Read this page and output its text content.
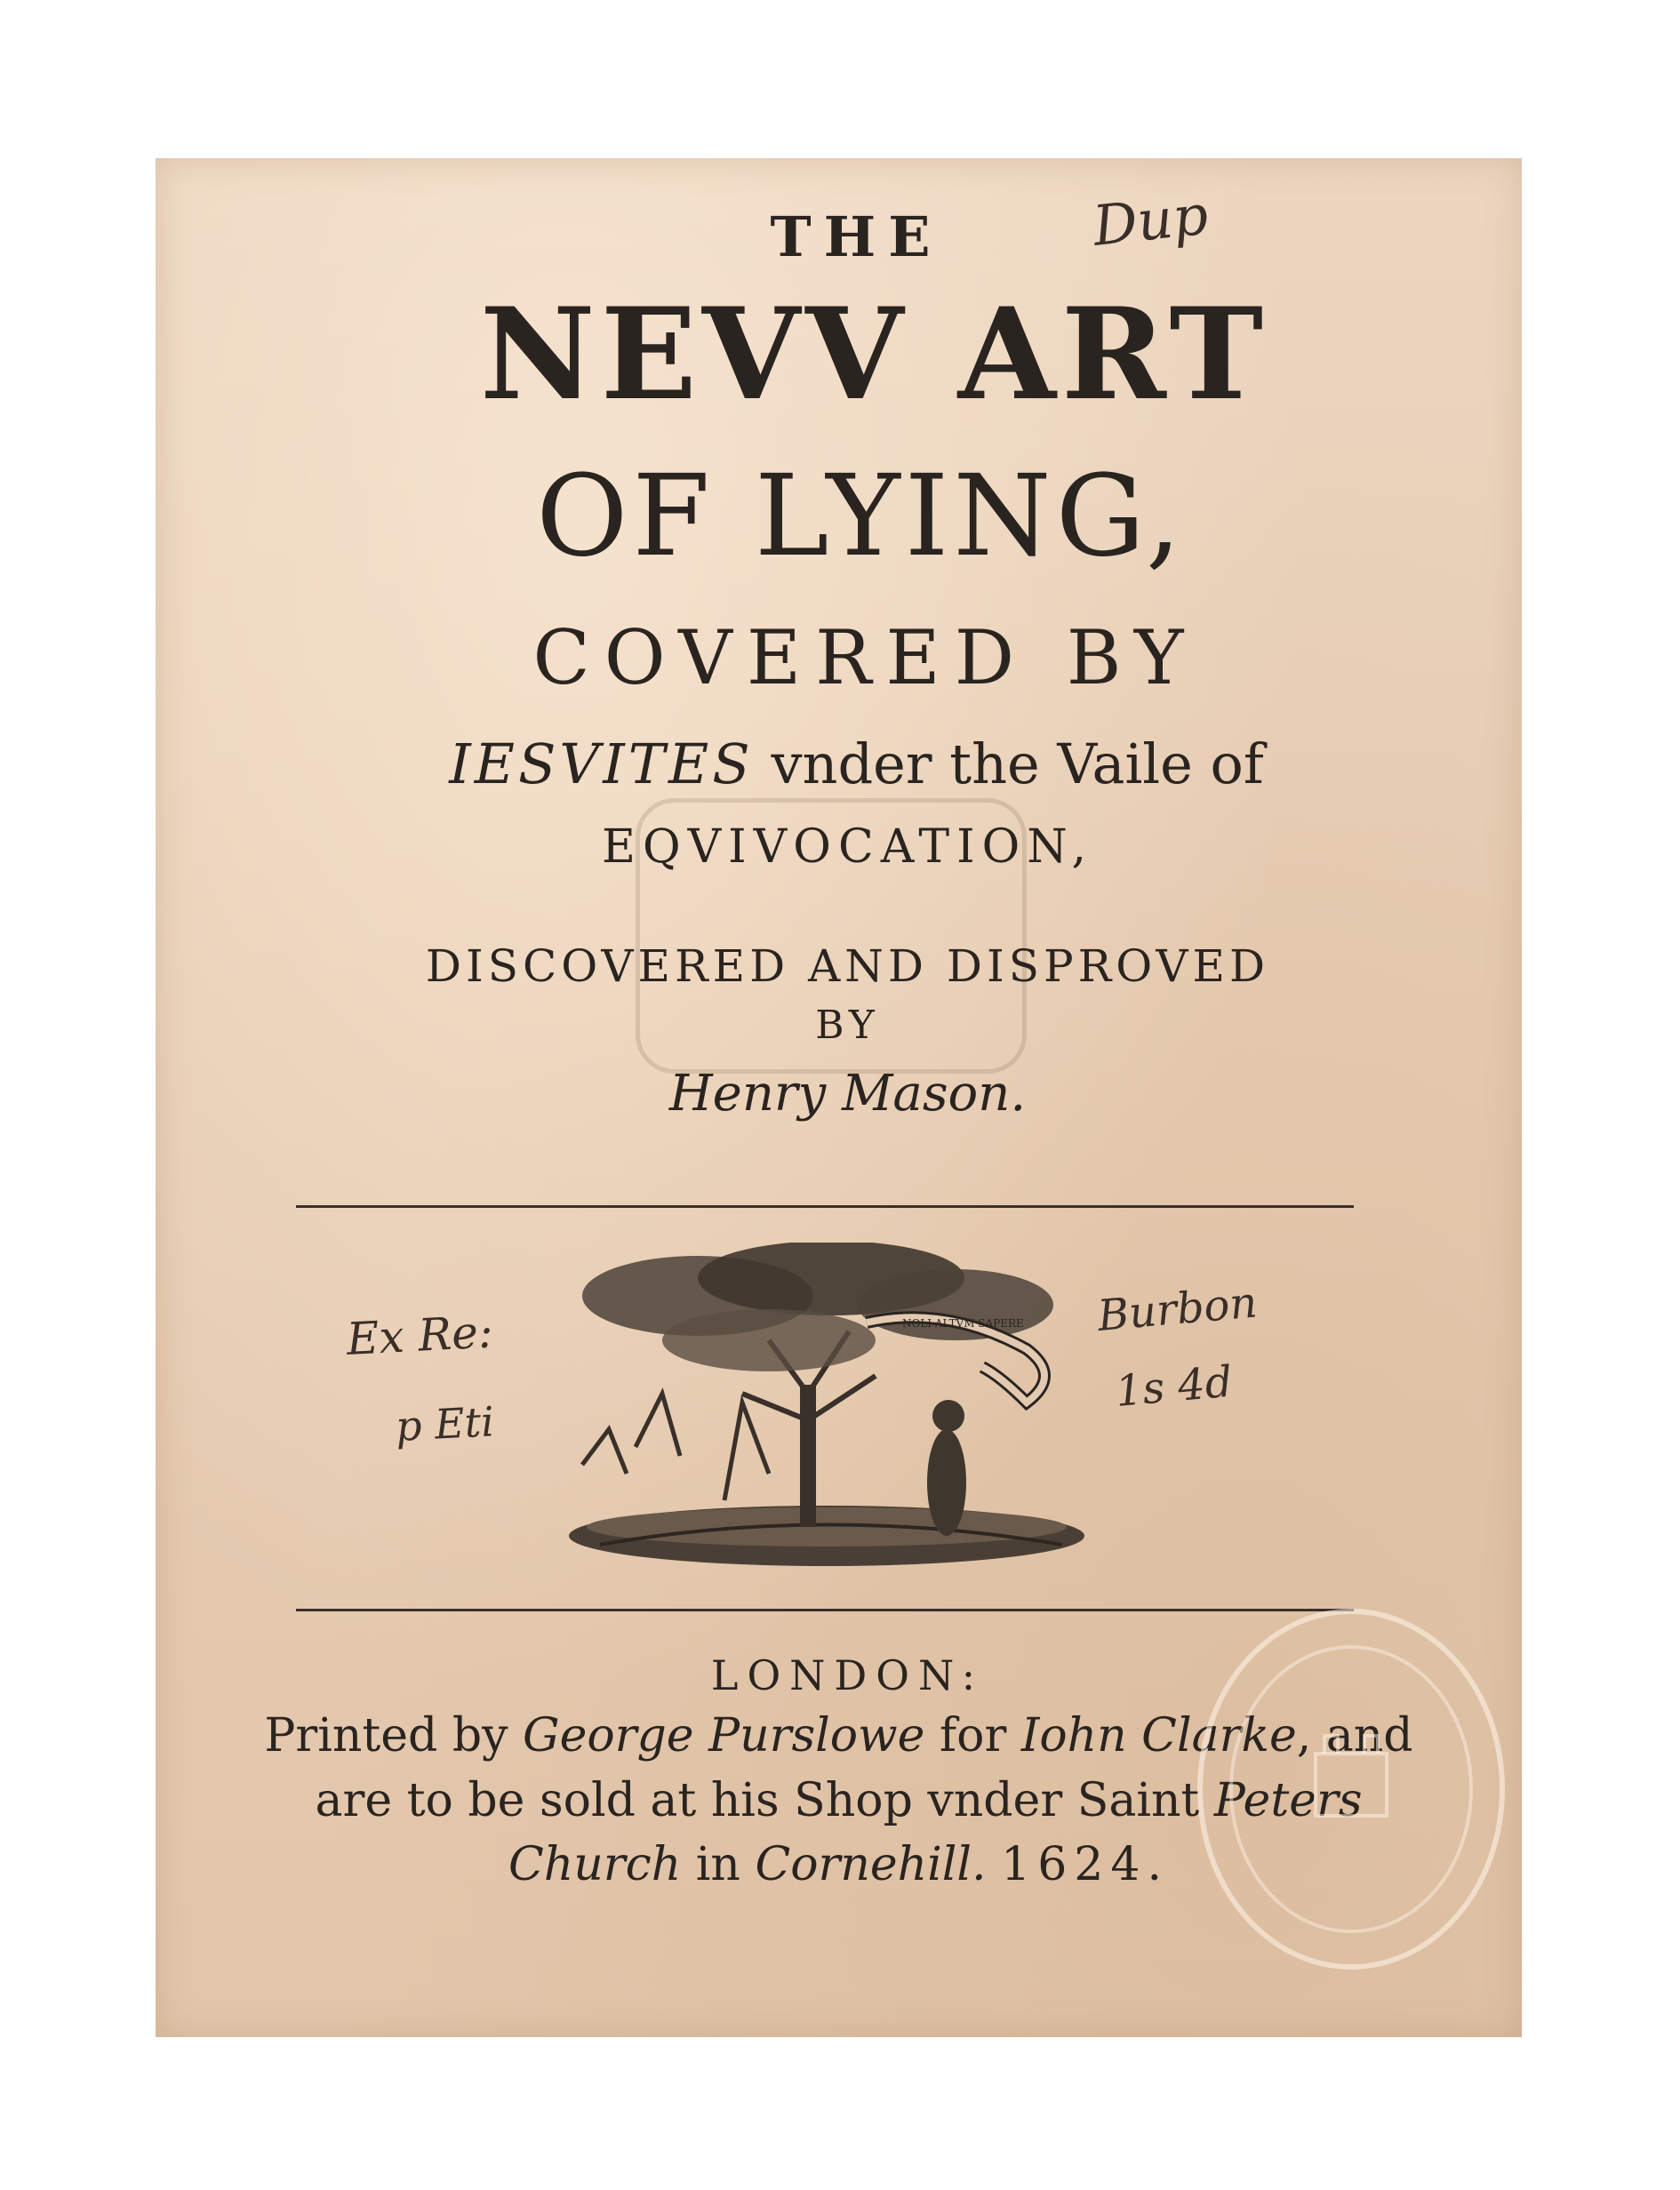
Dup
THE
NEVV ART
OF LYING,
COVERED BY
IESVITES vnder the Vaile of
EQVIVOCATION,
DISCOVERED AND DISPROVED
BY
Henry Mason.
NOLI ALTVM SAPERE
Ex Re:
p Eti
Burbon
1s 4d
LONDON:
Printed by George Purslowe for Iohn Clarke, and
are to be sold at his Shop vnder Saint Peters
Church in Cornehill. 1624.
